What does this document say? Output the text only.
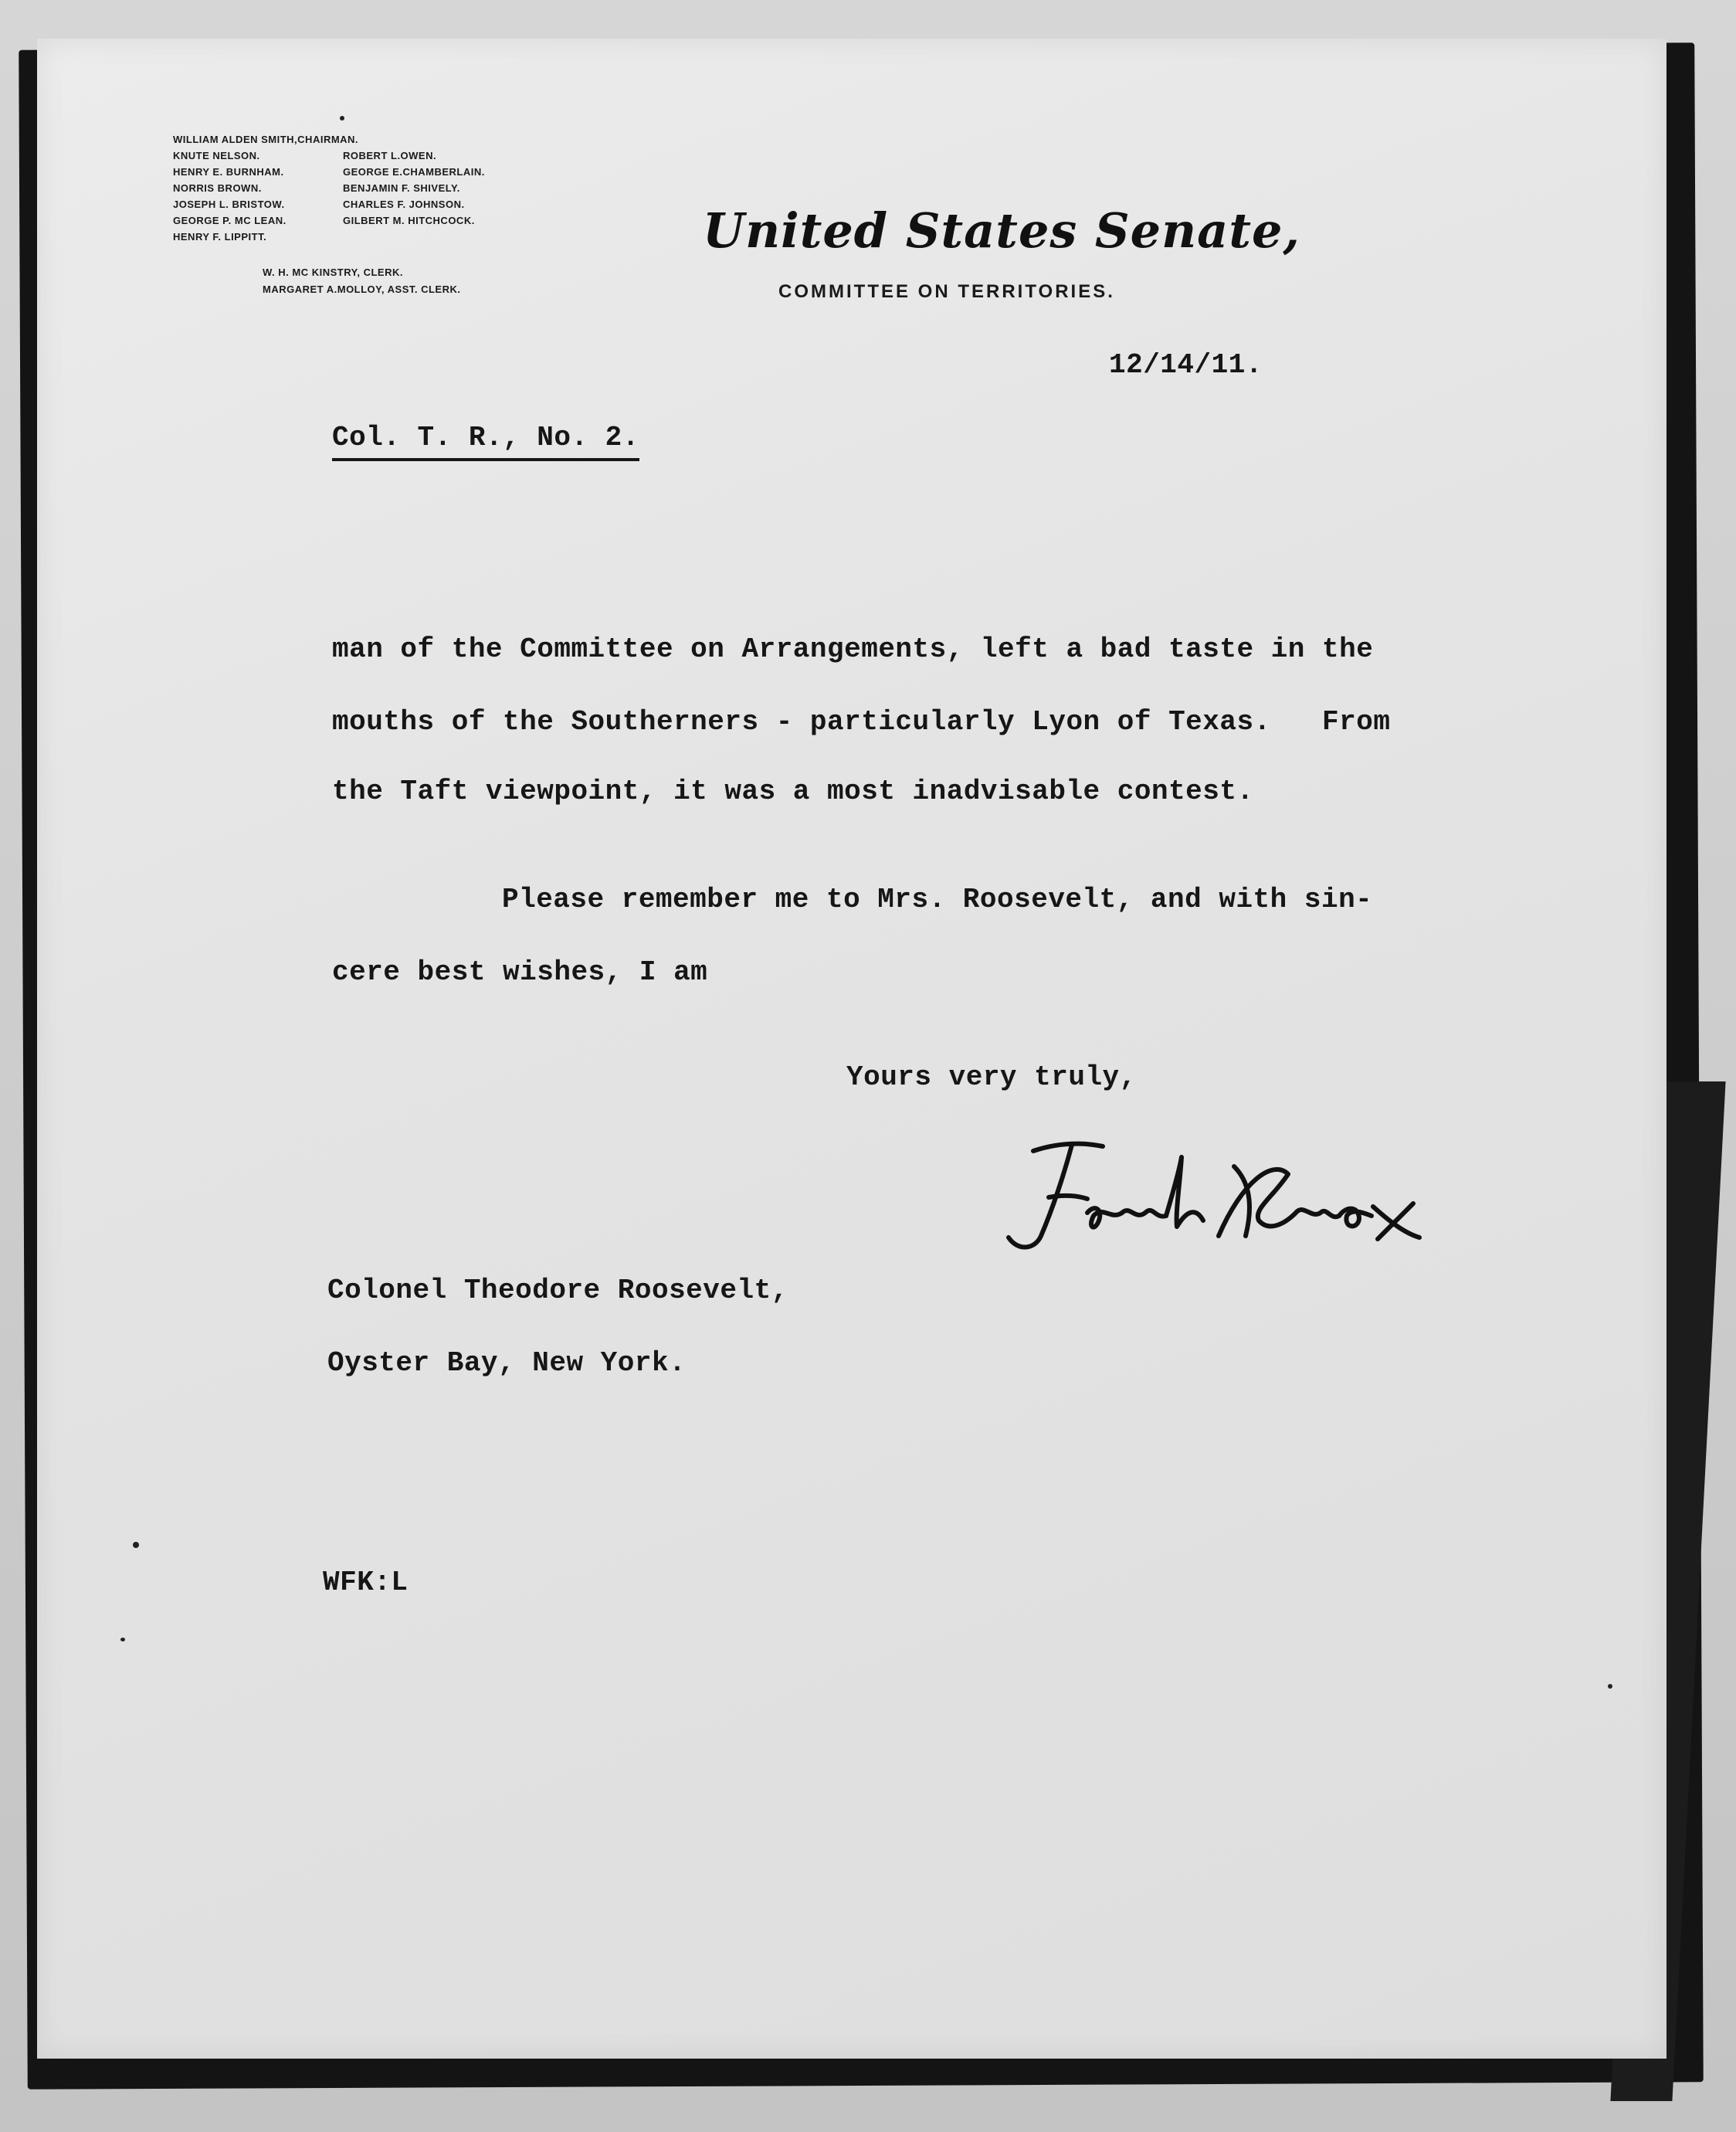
WILLIAM ALDEN SMITH,CHAIRMAN.
KNUTE NELSON.	ROBERT L.OWEN.
HENRY E. BURNHAM.	GEORGE E.CHAMBERLAIN.
NORRIS BROWN.	BENJAMIN F. SHIVELY.
JOSEPH L. BRISTOW.	CHARLES F. JOHNSON.
GEORGE P. MC LEAN.	GILBERT M. HITCHCOCK.
HENRY F. LIPPITT.
W. H. MC KINSTRY, CLERK.
MARGARET A.MOLLOY, ASST. CLERK.
United States Senate,
COMMITTEE ON TERRITORIES.
12/14/11.
Col. T. R., No. 2.
man of the Committee on Arrangements, left a bad taste in the
mouths of the Southerners - particularly Lyon of Texas.   From
the Taft viewpoint, it was a most inadvisable contest.
Please remember me to Mrs. Roosevelt, and with sin-
cere best wishes, I am
Yours very truly,
Colonel Theodore Roosevelt,
Oyster Bay, New York.
WFK:L
